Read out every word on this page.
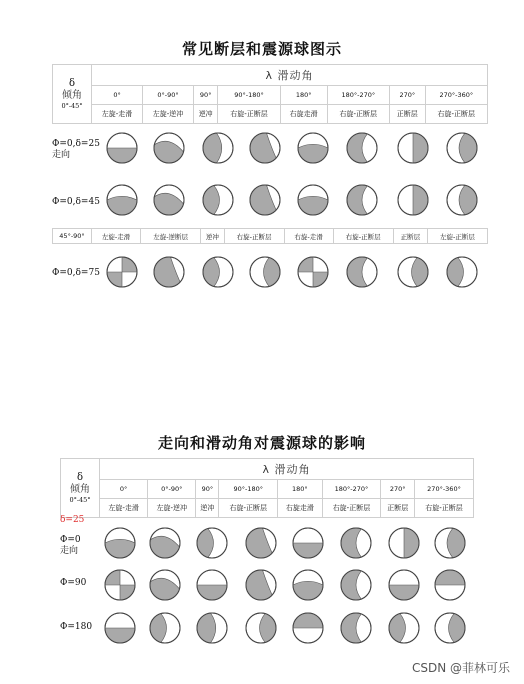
常见断层和震源球图示
δ
倾角
0°-45°	λ 滑动角							
	0°	0°-90°	90°	90°-180°	180°	180°-270°	270°	270°-360°
	左旋-走滑	左旋-逆冲	逆冲	右旋-正断层	右旋走滑	右旋-正断层	正断层	右旋-正断层
Φ=0,δ=25
走向
Φ=0,δ=45
45°-90°	左旋-走滑	左旋-逆断层	逆冲	右旋-正断层	右旋-走滑	右旋-正断层	正断层	左旋-正断层
Φ=0,δ=75
走向和滑动角对震源球的影响
δ
倾角
0°-45°	λ 滑动角							
	0°	0°-90°	90°	90°-180°	180°	180°-270°	270°	270°-360°
	左旋-走滑	左旋-逆冲	逆冲	右旋-正断层	右旋走滑	右旋-正断层	正断层	右旋-正断层
δ=25
Φ=0
走向
Φ=90
Φ=180
CSDN @菲林可乐
